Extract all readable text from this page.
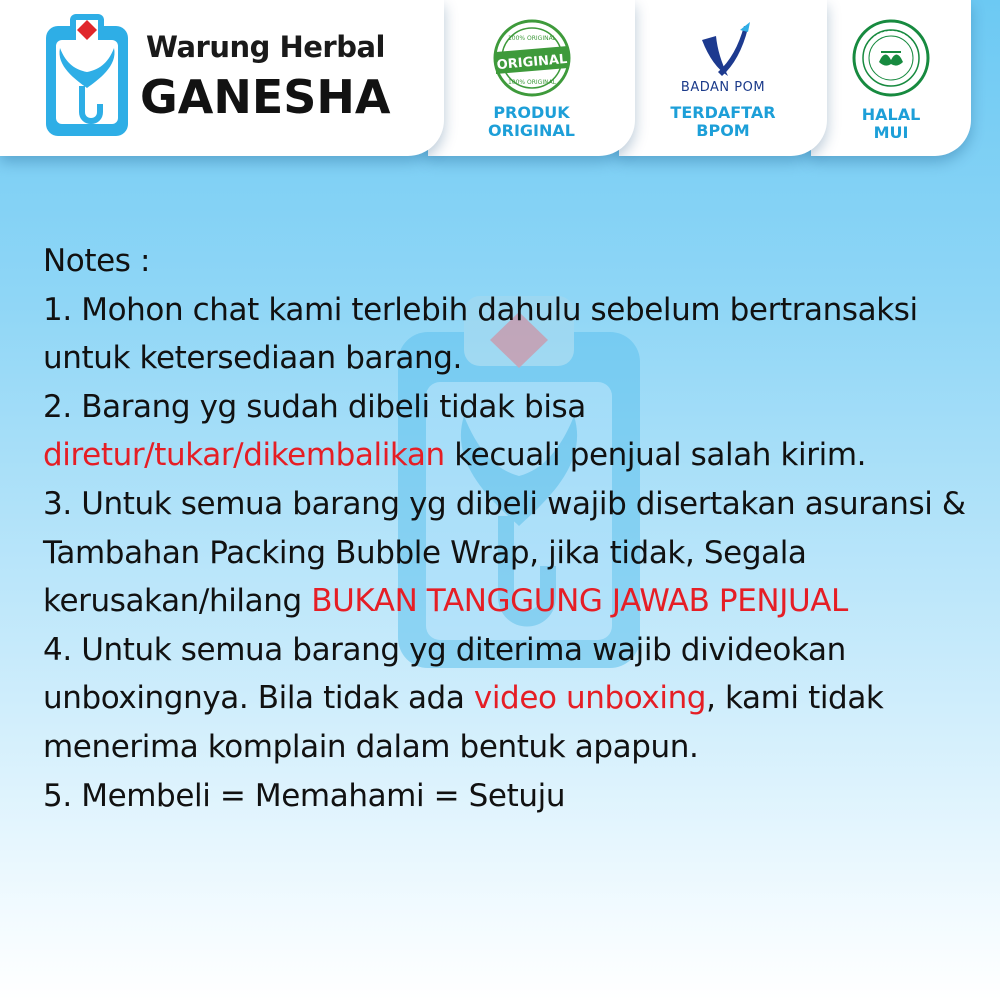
HALAL
MUI
BADAN POM
TERDAFTAR
BPOM
ORIGINAL
100% ORIGINAL
100% ORIGINAL
PRODUK
ORIGINAL
Warung Herbal
GANESHA

Notes :

1. Mohon chat kami terlebih dahulu sebelum bertransaksi untuk ketersediaan barang.

2. Barang yg sudah dibeli tidak bisa diretur/tukar/dikembalikan kecuali penjual salah kirim.

3. Untuk semua barang yg dibeli wajib disertakan asuransi & Tambahan Packing Bubble Wrap, jika tidak, Segala kerusakan/hilang BUKAN TANGGUNG JAWAB PENJUAL

4. Untuk semua barang yg diterima wajib divideokan unboxingnya. Bila tidak ada video unboxing, kami tidak menerima komplain dalam bentuk apapun.

5. Membeli = Memahami = Setuju
